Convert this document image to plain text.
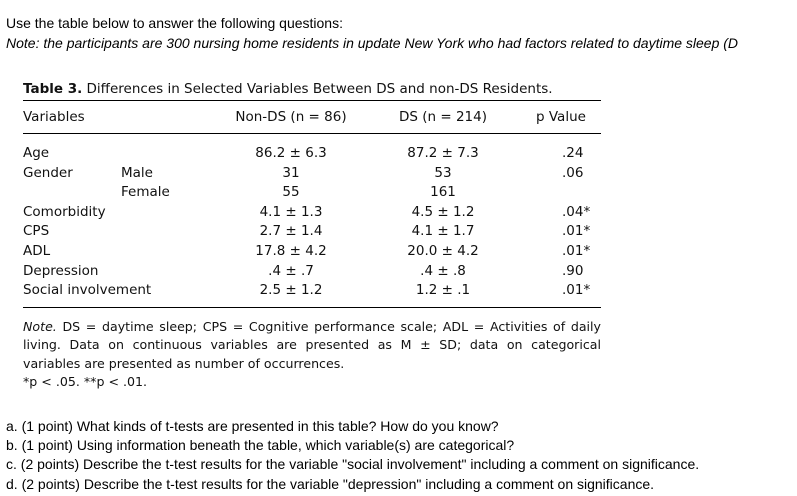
Use the table below to answer the following questions:
Note: the participants are 300 nursing home residents in update New York who had factors related to daytime sleep (D
Table 3. Differences in Selected Variables Between DS and non-DS Residents.
Variables	Non-DS (n = 86)	DS (n = 214)	p Value
Age	86.2 ± 6.3	87.2 ± 7.3	.24
Gender	Male	31	53	.06
Female	55	161
Comorbidity	4.1 ± 1.3	4.5 ± 1.2	.04*
CPS	2.7 ± 1.4	4.1 ± 1.7	.01*
ADL	17.8 ± 4.2	20.0 ± 4.2	.01*
Depression	.4 ± .7	.4 ± .8	.90
Social involvement	2.5 ± 1.2	1.2 ± .1	.01*
Note. DS = daytime sleep; CPS = Cognitive performance scale; ADL = Activities of daily living. Data on continuous variables are presented as M ± SD; data on categorical variables are presented as number of occurrences.
*p < .05. **p < .01.
a. (1 point) What kinds of t-tests are presented in this table? How do you know?
b. (1 point) Using information beneath the table, which variable(s) are categorical?
c. (2 points) Describe the t-test results for the variable "social involvement" including a comment on significance.
d. (2 points) Describe the t-test results for the variable "depression" including a comment on significance.
